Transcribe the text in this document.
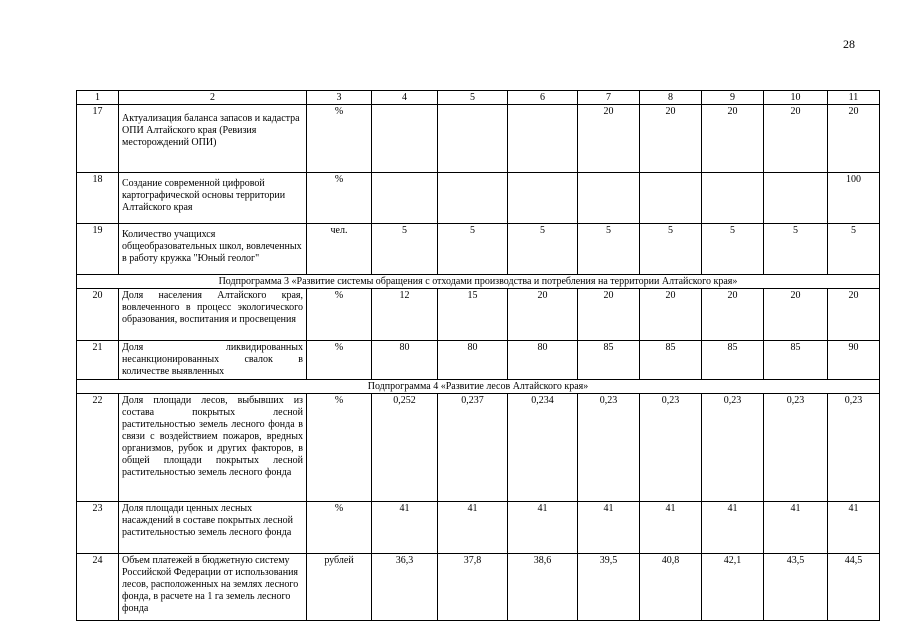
28
1	2	3	4	5	6	7	8	9	10	11
17	Актуализация баланса запасов и кадастра ОПИ Алтайского края (Ревизия месторождений ОПИ)	%				20	20	20	20	20
18	Создание современной цифровой картографической основы территории Алтайского края	%								100
19	Количество учащихся общеобразовательных школ, вовлеченных в работу кружка "Юный геолог"	чел.	5	5	5	5	5	5	5	5
Подпрограмма 3 «Развитие системы обращения с отходами производства и потребления на территории Алтайского края»										
20	Доля населения Алтайского края, вовлеченного в процесс экологического образования, воспитания и просвещения	%	12	15	20	20	20	20	20	20
21	Доля ликвидированных несанкционированных свалок в количестве выявленных	%	80	80	80	85	85	85	85	90
Подпрограмма 4 «Развитие лесов Алтайского края»										
22	Доля площади лесов, выбывших из состава покрытых лесной растительностью земель лесного фонда в связи с воздействием пожаров, вредных организмов, рубок и других факторов, в общей площади покрытых лесной растительностью земель лесного фонда	%	0,252	0,237	0,234	0,23	0,23	0,23	0,23	0,23
23	Доля площади ценных лесных насаждений в составе покрытых лесной растительностью земель лесного фонда	%	41	41	41	41	41	41	41	41
24	Объем платежей в бюджетную систему Российской Федерации от использования лесов, расположенных на землях лесного фонда, в расчете на 1 га земель лесного фонда	рублей	36,3	37,8	38,6	39,5	40,8	42,1	43,5	44,5
